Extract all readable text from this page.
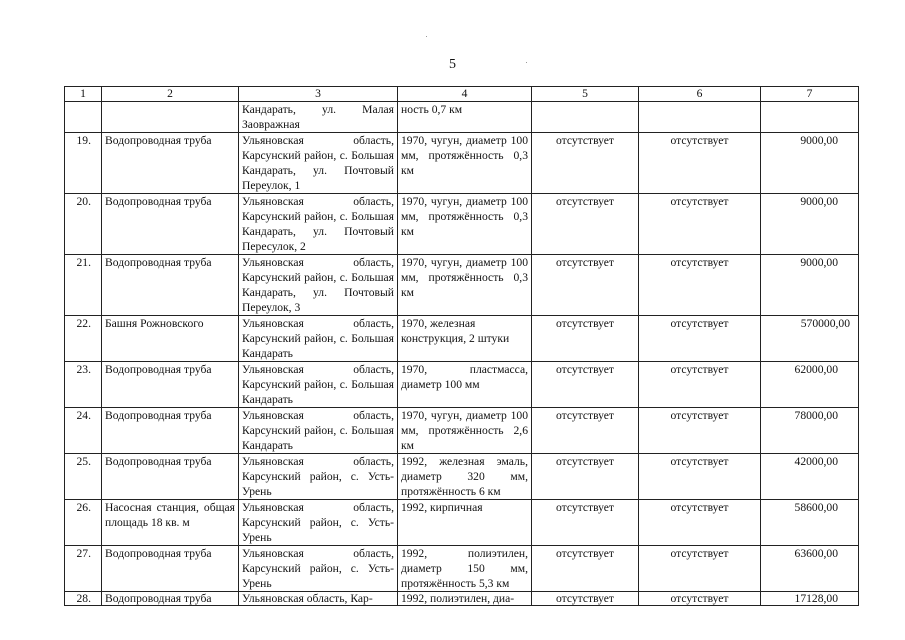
5
1	2	3	4	5	6	7
		Кандарать, ул. Малая Заовражная	ность 0,7 км			
19.	Водопроводная труба	Ульяновская область, Карсунский район, с. Большая Кандарать, ул. Почтовый Переулок, 1	1970, чугун, диаметр 100 мм, протяжённость 0,3 км	отсутствует	отсутствует	9000,00
20.	Водопроводная труба	Ульяновская область, Карсунский район, с. Большая Кандарать, ул. Почтовый Пересулок, 2	1970, чугун, диаметр 100 мм, протяжённость 0,3 км	отсутствует	отсутствует	9000,00
21.	Водопроводная труба	Ульяновская область, Карсунский район, с. Большая Кандарать, ул. Почтовый Переулок, 3	1970, чугун, диаметр 100 мм, протяжённость 0,3 км	отсутствует	отсутствует	9000,00
22.	Башня Рожновского	Ульяновская область, Карсунский район, с. Большая Кандарать	1970, железная конструкция, 2 штуки	отсутствует	отсутствует	570000,00
23.	Водопроводная труба	Ульяновская область, Карсунский район, с. Большая Кандарать	1970, пластмасса, диаметр 100 мм	отсутствует	отсутствует	62000,00
24.	Водопроводная труба	Ульяновская область, Карсунский район, с. Большая Кандарать	1970, чугун, диаметр 100 мм, протяжённость 2,6 км	отсутствует	отсутствует	78000,00
25.	Водопроводная труба	Ульяновская область, Карсунский район, с. Усть-Урень	1992, железная эмаль, диаметр 320 мм, протяжённость 6 км	отсутствует	отсутствует	42000,00
26.	Насосная станция, общая площадь 18 кв. м	Ульяновская область, Карсунский район, с. Усть-Урень	1992, кирпичная	отсутствует	отсутствует	58600,00
27.	Водопроводная труба	Ульяновская область, Карсунский район, с. Усть-Урень	1992, полиэтилен, диаметр 150 мм, протяжённость 5,3 км	отсутствует	отсутствует	63600,00
28.	Водопроводная труба	Ульяновская область, Кар-	1992, полиэтилен, диа-	отсутствует	отсутствует	17128,00
